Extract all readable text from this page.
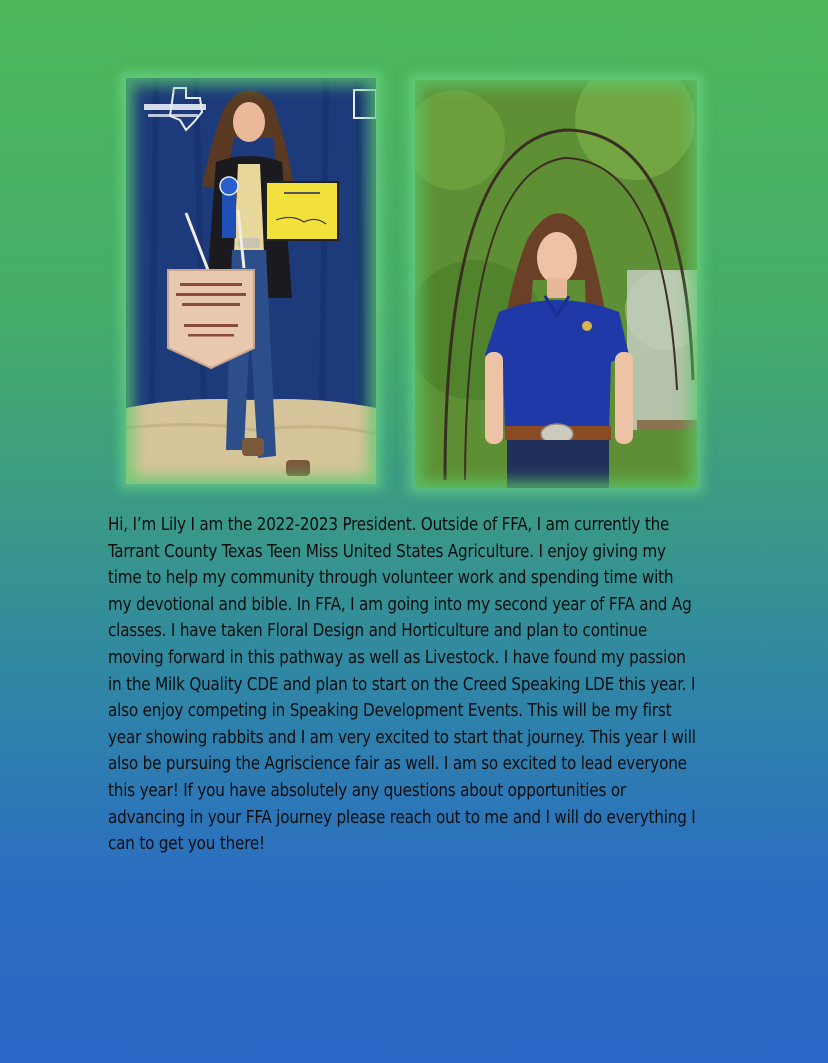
Hi, I’m Lily I am the 2022-2023 President. Outside of FFA, I am currently the Tarrant County Texas Teen Miss United States Agriculture. I enjoy giving my time to help my community through volunteer work and spending time with my devotional and bible. In FFA, I am going into my second year of FFA and Ag classes. I have taken Floral Design and Horticulture and plan to continue moving forward in this pathway as well as Livestock. I have found my passion in the Milk Quality CDE and plan to start on the Creed Speaking LDE this year. I also enjoy competing in Speaking Development Events. This will be my first year showing rabbits and I am very excited to start that journey. This year I will also be pursuing the Agriscience fair as well. I am so excited to lead everyone this year! If you have absolutely any questions about opportunities or advancing in your FFA journey please reach out to me and I will do everything I can to get you there!
